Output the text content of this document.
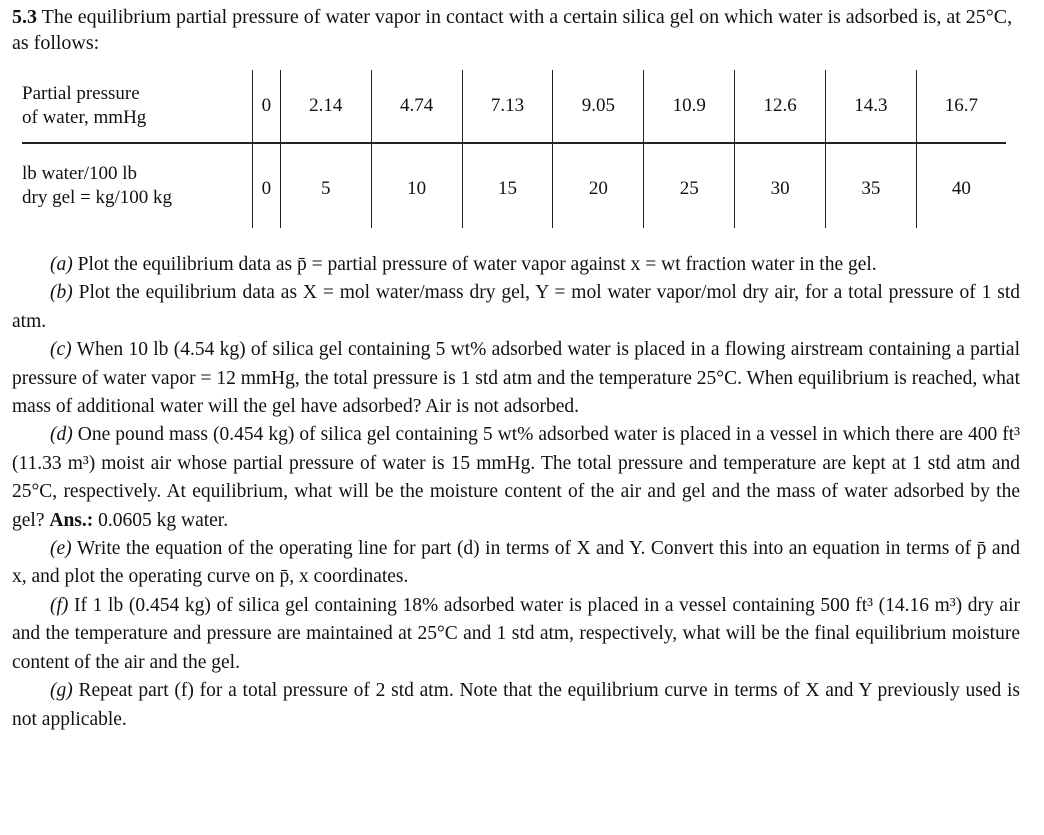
5.3 The equilibrium partial pressure of water vapor in contact with a certain silica gel on which water is adsorbed is, at 25°C, as follows:
Partial pressure
of water, mmHg	0	2.14	4.74	7.13	9.05	10.9	12.6	14.3	16.7

lb water/100 lb
dry gel = kg/100 kg	0	5	10	15	20	25	30	35	40
(a) Plot the equilibrium data as p̄ = partial pressure of water vapor against x = wt fraction water in the gel.
(b) Plot the equilibrium data as X = mol water/mass dry gel, Y = mol water vapor/mol dry air, for a total pressure of 1 std atm.
(c) When 10 lb (4.54 kg) of silica gel containing 5 wt% adsorbed water is placed in a flowing airstream containing a partial pressure of water vapor = 12 mmHg, the total pressure is 1 std atm and the temperature 25°C. When equilibrium is reached, what mass of additional water will the gel have adsorbed? Air is not adsorbed.
(d) One pound mass (0.454 kg) of silica gel containing 5 wt% adsorbed water is placed in a vessel in which there are 400 ft³ (11.33 m³) moist air whose partial pressure of water is 15 mmHg. The total pressure and temperature are kept at 1 std atm and 25°C, respectively. At equilibrium, what will be the moisture content of the air and gel and the mass of water adsorbed by the gel? Ans.: 0.0605 kg water.
(e) Write the equation of the operating line for part (d) in terms of X and Y. Convert this into an equation in terms of p̄ and x, and plot the operating curve on p̄, x coordinates.
(f) If 1 lb (0.454 kg) of silica gel containing 18% adsorbed water is placed in a vessel containing 500 ft³ (14.16 m³) dry air and the temperature and pressure are maintained at 25°C and 1 std atm, respectively, what will be the final equilibrium moisture content of the air and the gel.
(g) Repeat part (f) for a total pressure of 2 std atm. Note that the equilibrium curve in terms of X and Y previously used is not applicable.
